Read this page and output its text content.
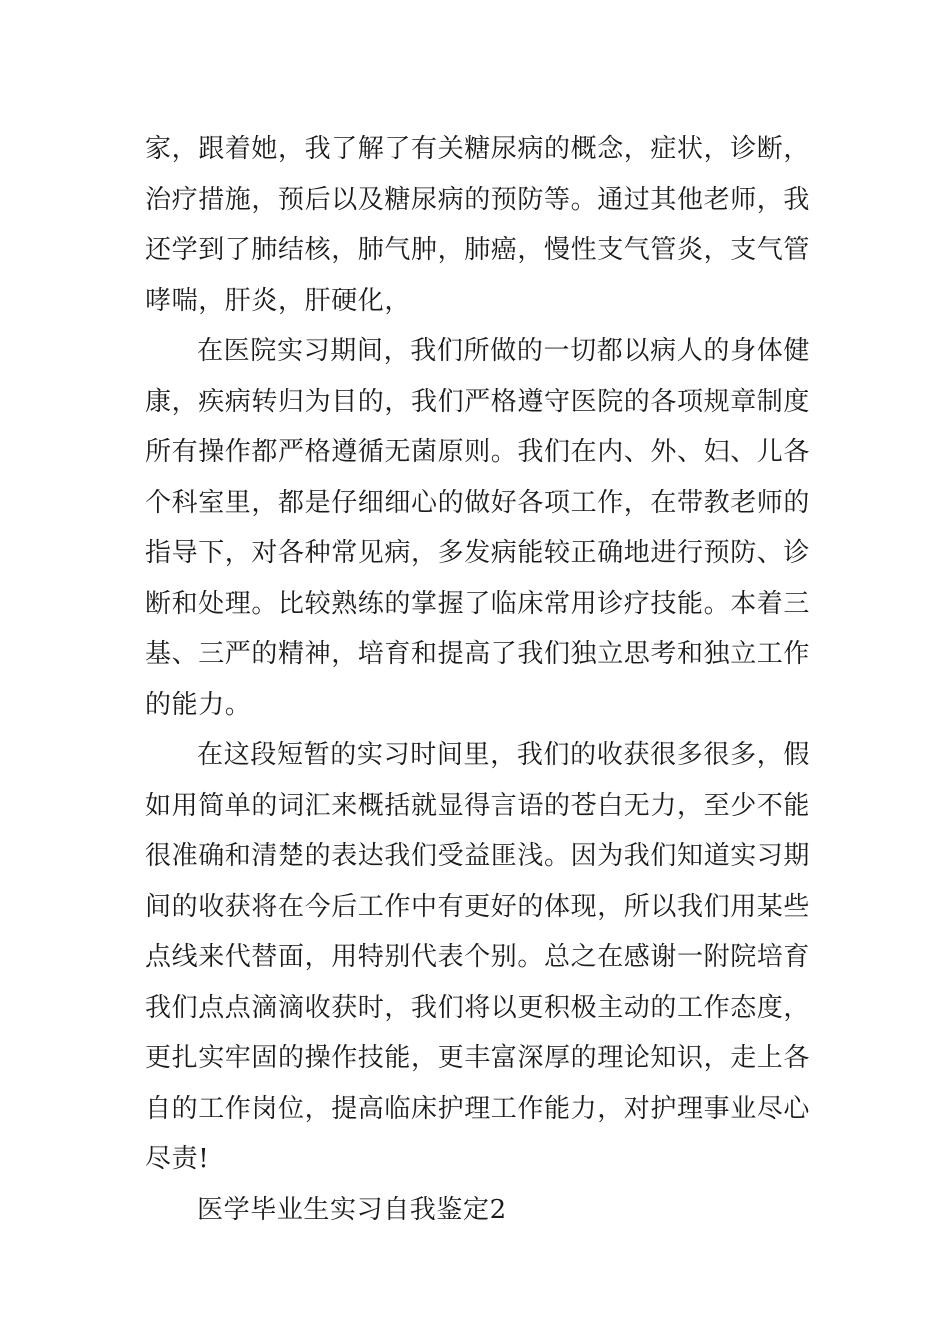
家，跟着她，我了解了有关糖尿病的概念，症状，诊断，
治疗措施，预后以及糖尿病的预防等。通过其他老师，我
还学到了肺结核，肺气肿，肺癌，慢性支气管炎，支气管
哮喘，肝炎，肝硬化，
在医院实习期间，我们所做的一切都以病人的身体健
康，疾病转归为目的，我们严格遵守医院的各项规章制度
所有操作都严格遵循无菌原则。我们在内、外、妇、儿各
个科室里，都是仔细细心的做好各项工作，在带教老师的
指导下，对各种常见病，多发病能较正确地进行预防、诊
断和处理。比较熟练的掌握了临床常用诊疗技能。本着三
基、三严的精神，培育和提高了我们独立思考和独立工作
的能力。
在这段短暂的实习时间里，我们的收获很多很多，假
如用简单的词汇来概括就显得言语的苍白无力，至少不能
很准确和清楚的表达我们受益匪浅。因为我们知道实习期
间的收获将在今后工作中有更好的体现，所以我们用某些
点线来代替面，用特别代表个别。总之在感谢一附院培育
我们点点滴滴收获时，我们将以更积极主动的工作态度，
更扎实牢固的操作技能，更丰富深厚的理论知识，走上各
自的工作岗位，提高临床护理工作能力，对护理事业尽心
尽责!
医学毕业生实习自我鉴定2
